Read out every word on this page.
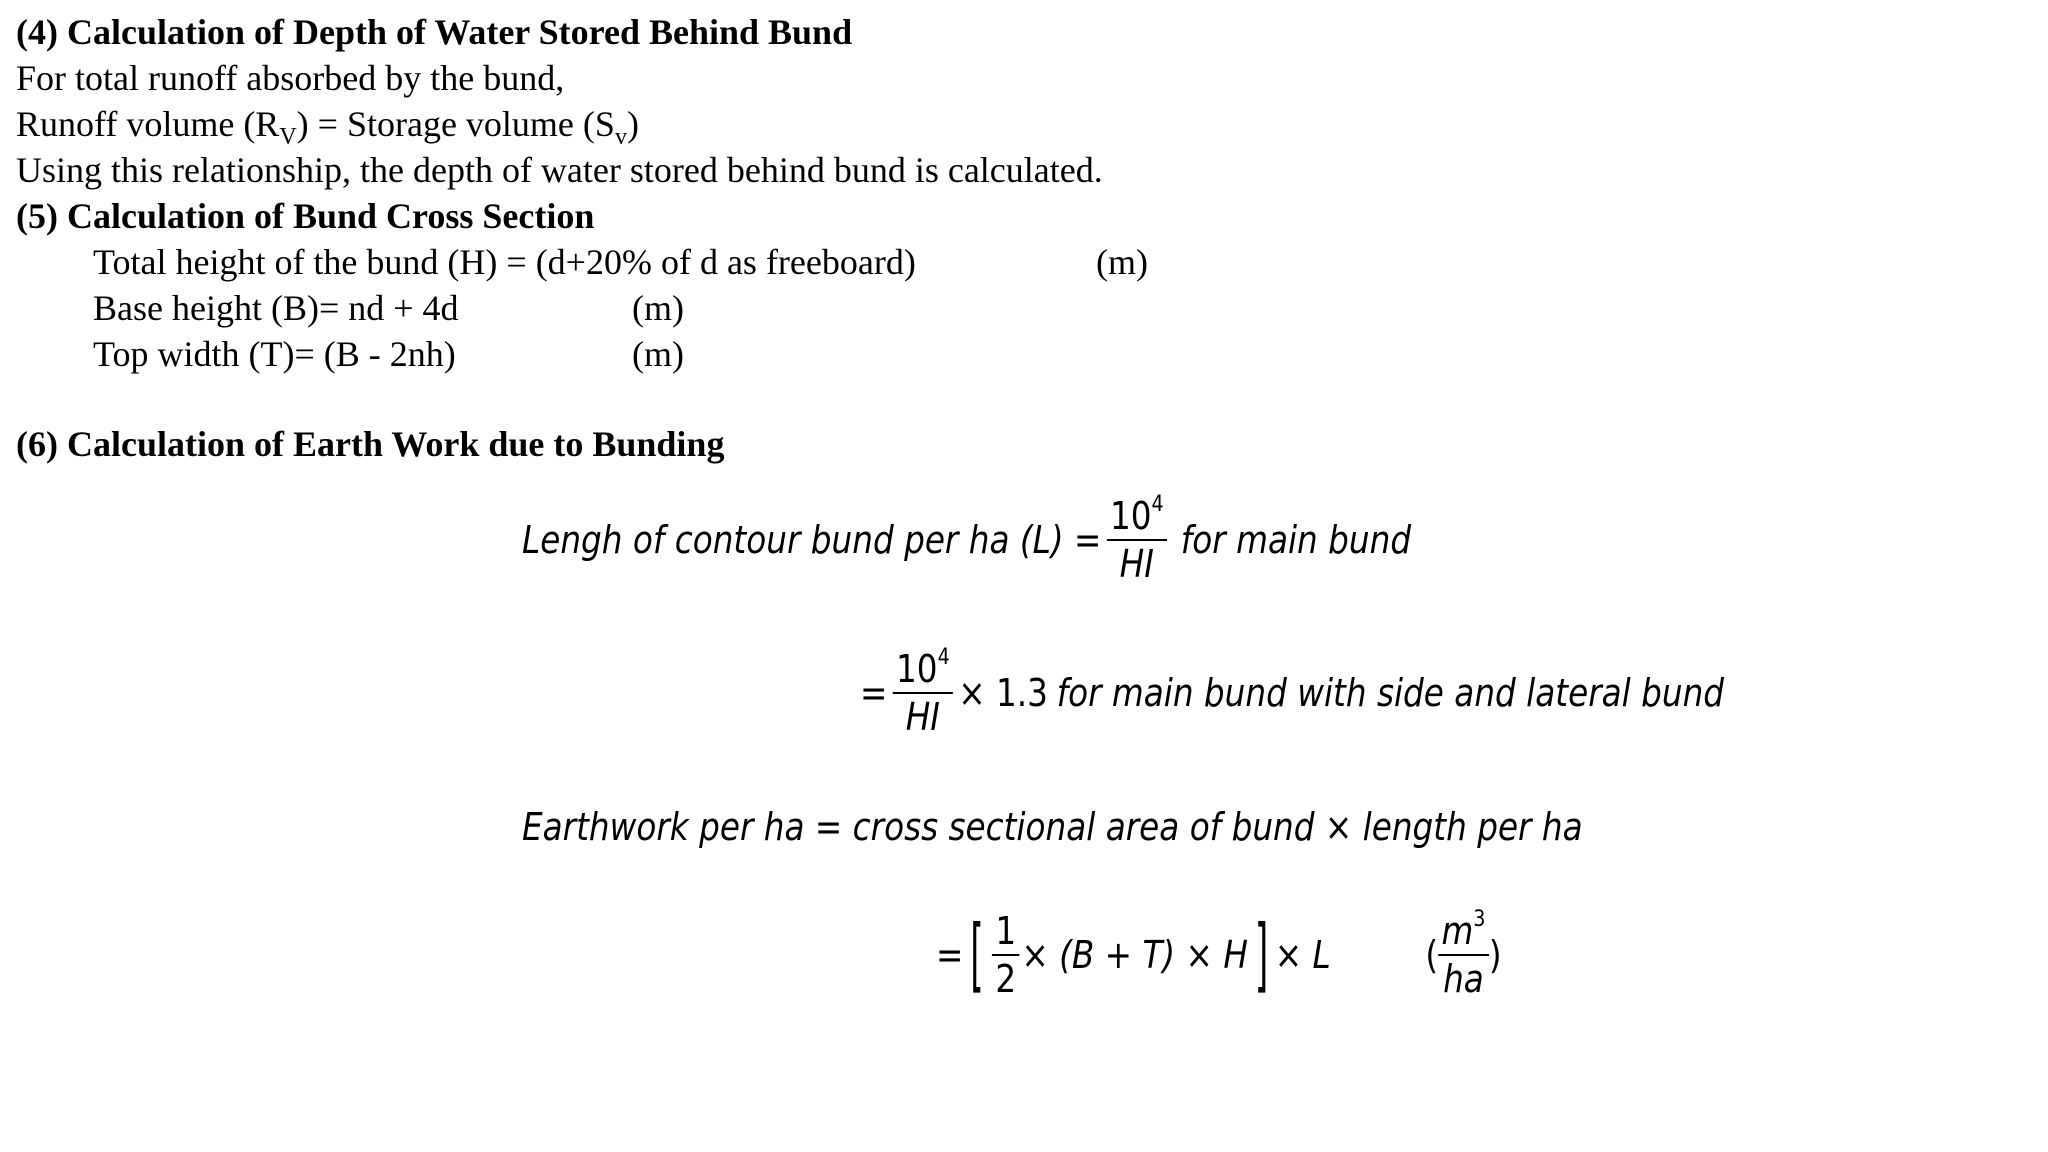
(4) Calculation of Depth of Water Stored Behind Bund
For total runoff absorbed by the bund,
Runoff volume $(R_V)$ = Storage volume $(S_v)$
Using this relationship, the depth of water stored behind bund is calculated.
(5) Calculation of Bund Cross Section
Total height of the bund (H) = (d+20% of d as freeboard)	(m)
Base height (B)= nd + 4d	(m)
Top width (T)= (B - 2nh)	(m)
(6) Calculation of Earth Work due to Bunding
Lengh of contour bund per ha $(L) = \frac{10^4}{HI}$ for main bund
= $\frac{10^4}{HI} \times 1.3$ for main bund with side and lateral bund
Earthwork per ha = cross sectional area of bund × length per ha
= [ $\frac{1}{2} \times (B + T) \times H$ ] × L ( $\frac{m^3}{ha}$ )
